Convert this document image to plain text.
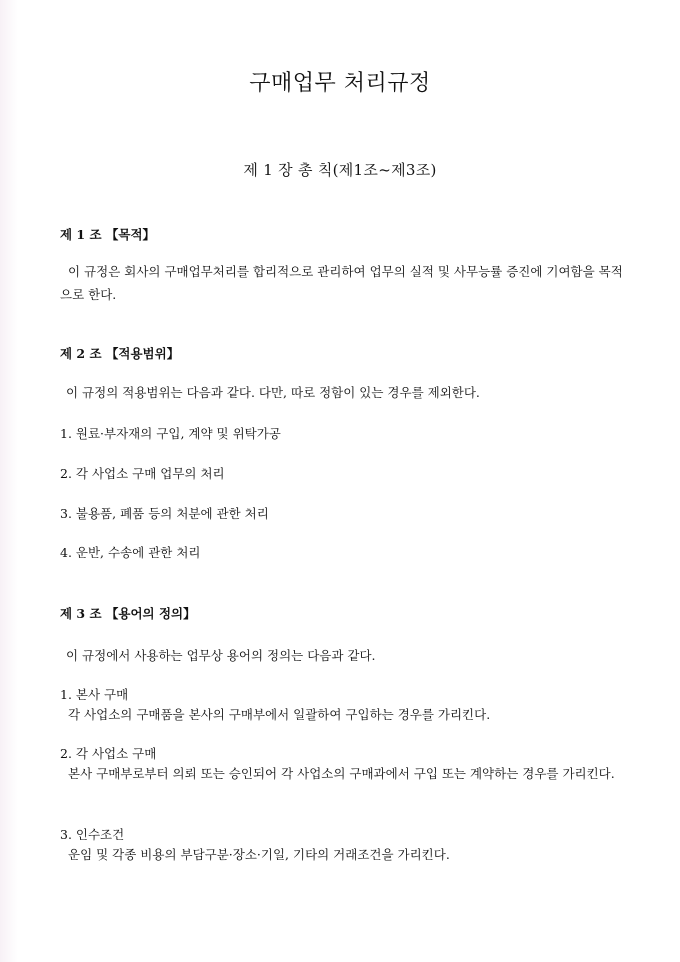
구매업무 처리규정
제 1 장 총 칙(제1조~제3조)
제 1 조 【목적】
이 규정은 회사의 구매업무처리를 합리적으로 관리하여 업무의 실적 및 사무능률 증진에 기여함을 목적으로 한다.
제 2 조 【적용범위】
이 규정의 적용범위는 다음과 같다. 다만, 따로 정함이 있는 경우를 제외한다.
1. 원료·부자재의 구입, 계약 및 위탁가공
2. 각 사업소 구매 업무의 처리
3. 불용품, 폐품 등의 처분에 관한 처리
4. 운반, 수송에 관한 처리
제 3 조 【용어의 정의】
이 규정에서 사용하는 업무상 용어의 정의는 다음과 같다.
1. 본사 구매
각 사업소의 구매품을 본사의 구매부에서 일괄하여 구입하는 경우를 가리킨다.
2. 각 사업소 구매
본사 구매부로부터 의뢰 또는 승인되어 각 사업소의 구매과에서 구입 또는 계약하는 경우를 가리킨다.
3. 인수조건
운임 및 각종 비용의 부담구분·장소·기일, 기타의 거래조건을 가리킨다.
